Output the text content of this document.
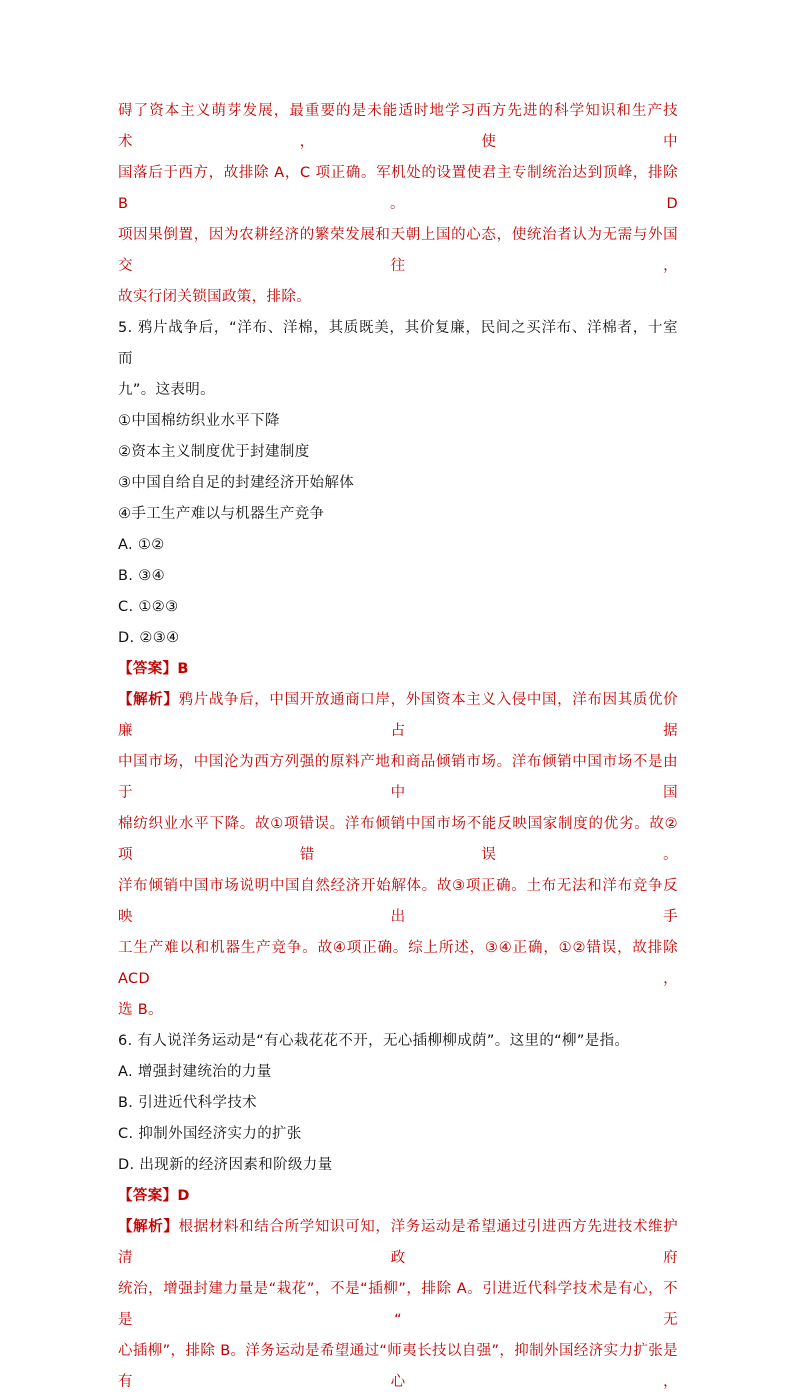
碍了资本主义萌芽发展，最重要的是未能适时地学习西方先进的科学知识和生产技术，使中

国落后于西方，故排除 A，C 项正确。军机处的设置使君主专制统治达到顶峰，排除 B。D

项因果倒置，因为农耕经济的繁荣发展和天朝上国的心态，使统治者认为无需与外国交往，

故实行闭关锁国政策，排除。

5. 鸦片战争后，“洋布、洋棉，其质既美，其价复廉，民间之买洋布、洋棉者，十室而

九”。这表明。

①中国棉纺织业水平下降

②资本主义制度优于封建制度

③中国自给自足的封建经济开始解体

④手工生产难以与机器生产竞争

A. ①②

B. ③④

C. ①②③

D. ②③④

【答案】B

【解析】鸦片战争后，中国开放通商口岸，外国资本主义入侵中国，洋布因其质优价廉占据

中国市场，中国沦为西方列强的原料产地和商品倾销市场。洋布倾销中国市场不是由于中国

棉纺织业水平下降。故①项错误。洋布倾销中国市场不能反映国家制度的优劣。故②项错误。

洋布倾销中国市场说明中国自然经济开始解体。故③项正确。土布无法和洋布竞争反映出手

工生产难以和机器生产竞争。故④项正确。综上所述，③④正确，①②错误，故排除 ACD，

选 B。

6. 有人说洋务运动是“有心栽花花不开，无心插柳柳成荫”。这里的“柳”是指。

A. 增强封建统治的力量

B. 引进近代科学技术

C. 抑制外国经济实力的扩张

D. 出现新的经济因素和阶级力量

【答案】D

【解析】根据材料和结合所学知识可知，洋务运动是希望通过引进西方先进技术维护清政府

统治，增强封建力量是“栽花”，不是“插柳”，排除 A。引进近代科学技术是有心，不是“无

心插柳”，排除 B。洋务运动是希望通过“师夷长技以自强”，抑制外国经济实力扩张是有心，
